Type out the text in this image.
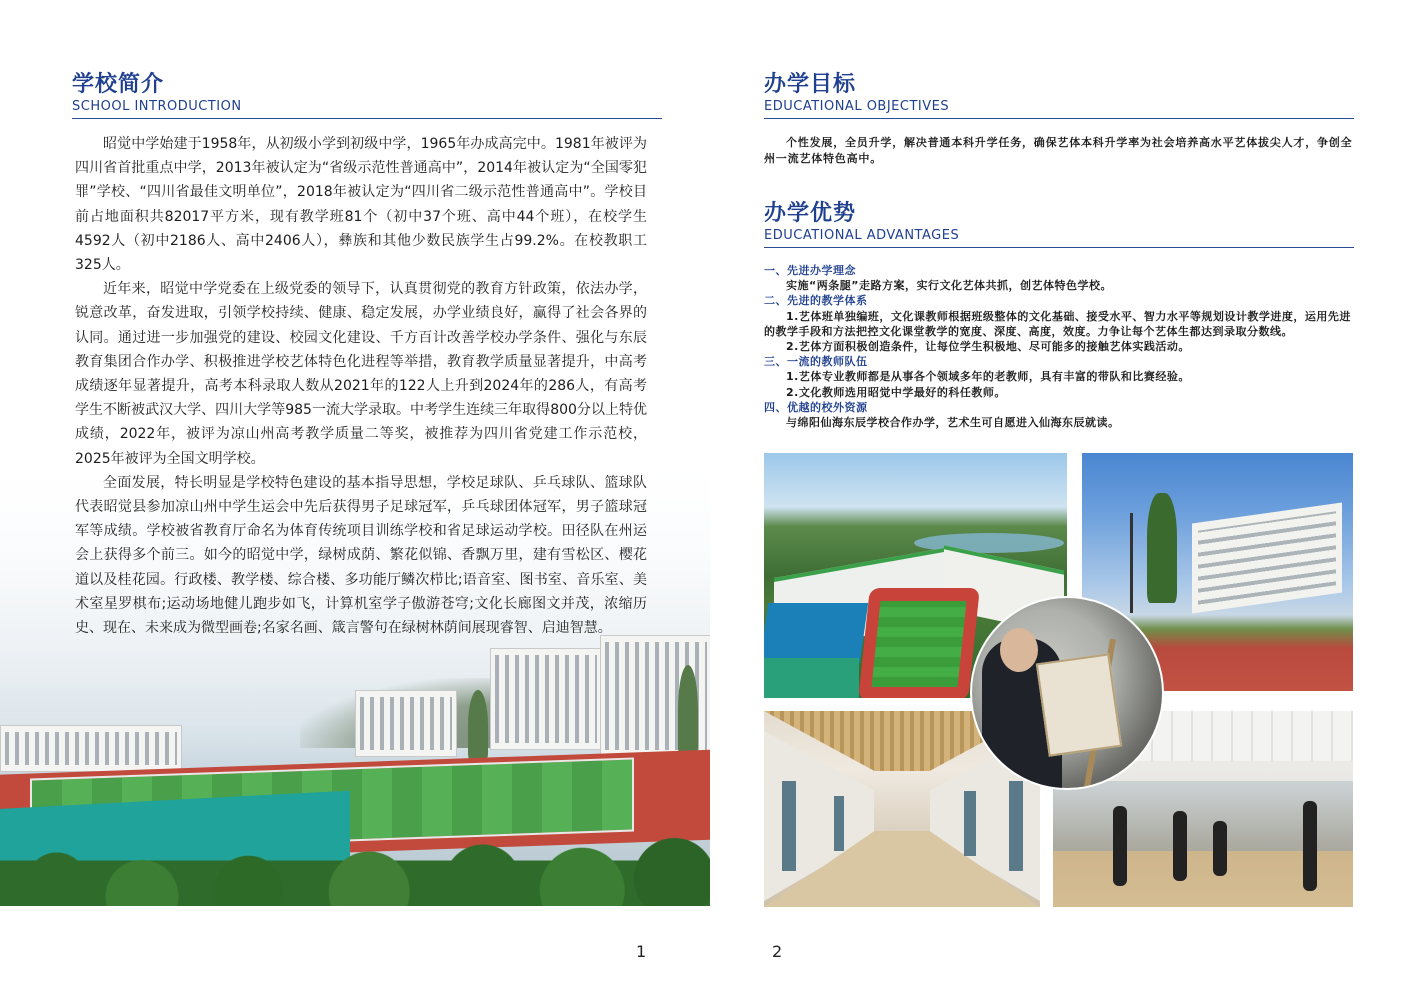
学校简介
SCHOOL INTRODUCTION

昭觉中学始建于1958年，从初级小学到初级中学，1965年办成高完中。1981年被评为四川省首批重点中学，2013年被认定为“省级示范性普通高中”，2014年被认定为“全国零犯罪”学校、“四川省最佳文明单位”，2018年被认定为“四川省二级示范性普通高中”。学校目前占地面积共82017平方米，现有教学班81个（初中37个班、高中44个班），在校学生4592人（初中2186人、高中2406人），彝族和其他少数民族学生占99.2%。在校教职工325人。

近年来，昭觉中学党委在上级党委的领导下，认真贯彻党的教育方针政策，依法办学，锐意改革，奋发进取，引领学校持续、健康、稳定发展，办学业绩良好，赢得了社会各界的认同。通过进一步加强党的建设、校园文化建设、千方百计改善学校办学条件、强化与东辰教育集团合作办学、积极推进学校艺体特色化进程等举措，教育教学质量显著提升，中高考成绩逐年显著提升，高考本科录取人数从2021年的122人上升到2024年的286人，有高考学生不断被武汉大学、四川大学等985一流大学录取。中考学生连续三年取得800分以上特优成绩，2022年，被评为凉山州高考教学质量二等奖，被推荐为四川省党建工作示范校，2025年被评为全国文明学校。

全面发展，特长明显是学校特色建设的基本指导思想，学校足球队、乒乓球队、篮球队代表昭觉县参加凉山州中学生运会中先后获得男子足球冠军，乒乓球团体冠军，男子篮球冠军等成绩。学校被省教育厅命名为体育传统项目训练学校和省足球运动学校。田径队在州运会上获得多个前三。如今的昭觉中学，绿树成荫、繁花似锦、香飘万里，建有雪松区、樱花道以及桂花园。行政楼、教学楼、综合楼、多功能厅鳞次栉比;语音室、图书室、音乐室、美术室星罗棋布;运动场地健儿跑步如飞，计算机室学子傲游苍穹;文化长廊图文并茂，浓缩历史、现在、未来成为微型画卷;名家名画、箴言警句在绿树林荫间展现睿智、启迪智慧。

1
办学目标
EDUCATIONAL OBJECTIVES
个性发展，全员升学，解决普通本科升学任务，确保艺体本科升学率为社会培养高水平艺体拔尖人才，争创全州一流艺体特色高中。
办学优势
EDUCATIONAL ADVANTAGES
一、先进办学理念
实施“两条腿”走路方案，实行文化艺体共抓，创艺体特色学校。
二、先进的教学体系
1.艺体班单独编班，文化课教师根据班级整体的文化基础、接受水平、智力水平等规划设计教学进度，运用先进的教学手段和方法把控文化课堂教学的宽度、深度、高度，效度。力争让每个艺体生都达到录取分数线。
2.艺体方面积极创造条件，让每位学生积极地、尽可能多的接触艺体实践活动。
三、一流的教师队伍
1.艺体专业教师都是从事各个领域多年的老教师，具有丰富的带队和比赛经验。
2.文化教师选用昭觉中学最好的科任教师。
四、优越的校外资源
与绵阳仙海东辰学校合作办学，艺术生可自愿进入仙海东辰就读。
2
